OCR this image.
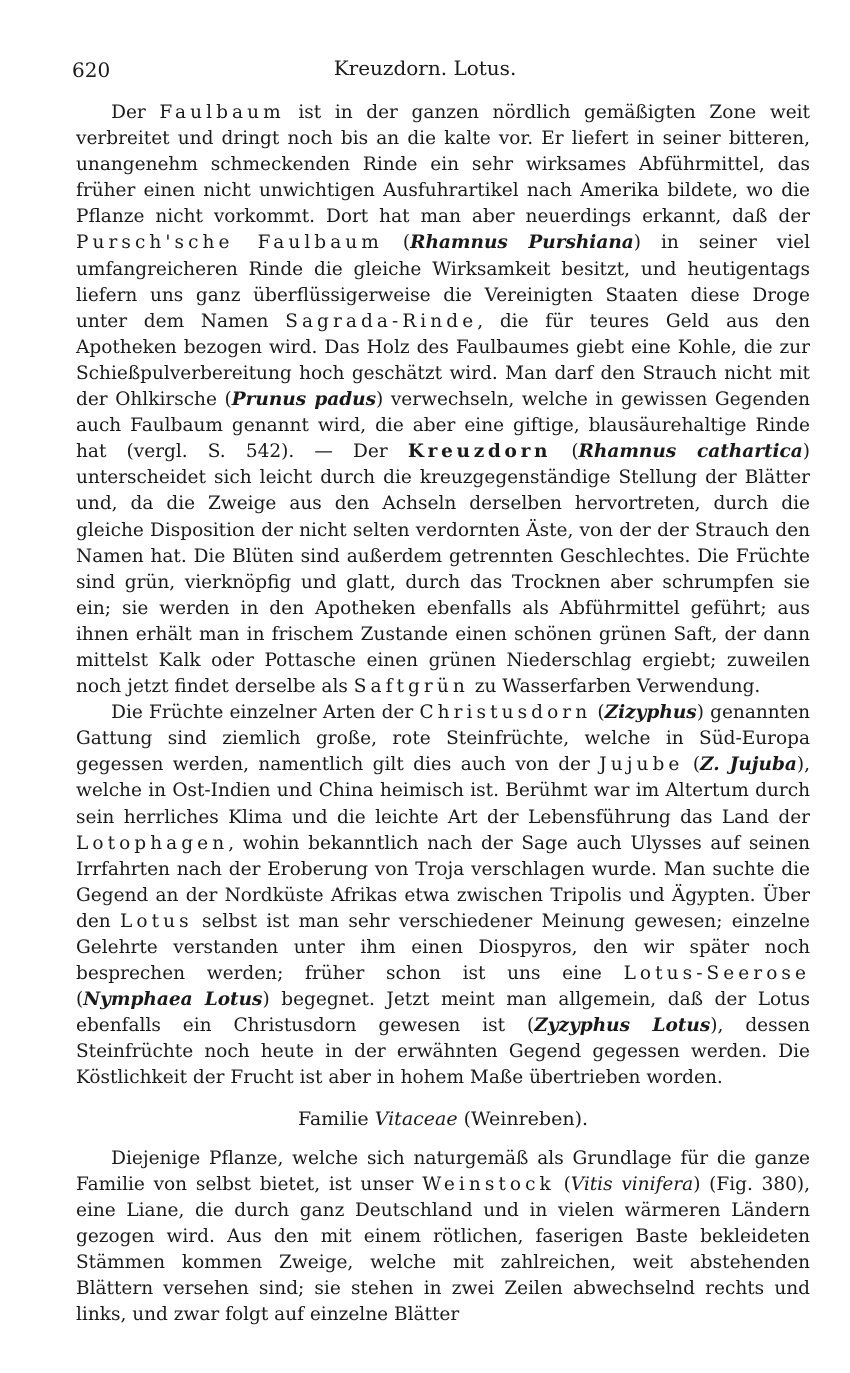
620	Kreuzdorn. Lotus.

Der Faulbaum ist in der ganzen nördlich gemäßigten Zone weit verbreitet und dringt noch bis an die kalte vor. Er liefert in seiner bitteren, unangenehm schmeckenden Rinde ein sehr wirksames Abführmittel, das früher einen nicht unwichtigen Ausfuhrartikel nach Amerika bildete, wo die Pflanze nicht vorkommt. Dort hat man aber neuerdings erkannt, daß der Pursch'sche Faulbaum (Rhamnus Purshiana) in seiner viel umfangreicheren Rinde die gleiche Wirksamkeit besitzt, und heutigentags liefern uns ganz überflüssigerweise die Vereinigten Staaten diese Droge unter dem Namen Sagrada-Rinde, die für teures Geld aus den Apotheken bezogen wird. Das Holz des Faulbaumes giebt eine Kohle, die zur Schießpulverbereitung hoch geschätzt wird. Man darf den Strauch nicht mit der Ohlkirsche (Prunus padus) verwechseln, welche in gewissen Gegenden auch Faulbaum genannt wird, die aber eine giftige, blausäurehaltige Rinde hat (vergl. S. 542). — Der Kreuzdorn (Rhamnus cathartica) unterscheidet sich leicht durch die kreuzgegenständige Stellung der Blätter und, da die Zweige aus den Achseln derselben hervortreten, durch die gleiche Disposition der nicht selten verdornten Äste, von der der Strauch den Namen hat. Die Blüten sind außerdem getrennten Geschlechtes. Die Früchte sind grün, vierknöpfig und glatt, durch das Trocknen aber schrumpfen sie ein; sie werden in den Apotheken ebenfalls als Abführmittel geführt; aus ihnen erhält man in frischem Zustande einen schönen grünen Saft, der dann mittelst Kalk oder Pottasche einen grünen Niederschlag ergiebt; zuweilen noch jetzt findet derselbe als Saftgrün zu Wasserfarben Verwendung.

Die Früchte einzelner Arten der Christusdorn (Zizyphus) genannten Gattung sind ziemlich große, rote Steinfrüchte, welche in Süd-Europa gegessen werden, namentlich gilt dies auch von der Jujube (Z. Jujuba), welche in Ost-Indien und China heimisch ist. Berühmt war im Altertum durch sein herrliches Klima und die leichte Art der Lebensführung das Land der Lotophagen, wohin bekanntlich nach der Sage auch Ulysses auf seinen Irrfahrten nach der Eroberung von Troja verschlagen wurde. Man suchte die Gegend an der Nordküste Afrikas etwa zwischen Tripolis und Ägypten. Über den Lotus selbst ist man sehr verschiedener Meinung gewesen; einzelne Gelehrte verstanden unter ihm einen Diospyros, den wir später noch besprechen werden; früher schon ist uns eine Lotus-Seerose (Nymphaea Lotus) begegnet. Jetzt meint man allgemein, daß der Lotus ebenfalls ein Christusdorn gewesen ist (Zyzyphus Lotus), dessen Steinfrüchte noch heute in der erwähnten Gegend gegessen werden. Die Köstlichkeit der Frucht ist aber in hohem Maße übertrieben worden.

Familie Vitaceae (Weinreben).

Diejenige Pflanze, welche sich naturgemäß als Grundlage für die ganze Familie von selbst bietet, ist unser Weinstock (Vitis vinifera) (Fig. 380), eine Liane, die durch ganz Deutschland und in vielen wärmeren Ländern gezogen wird. Aus den mit einem rötlichen, faserigen Baste bekleideten Stämmen kommen Zweige, welche mit zahlreichen, weit abstehenden Blättern versehen sind; sie stehen in zwei Zeilen abwechselnd rechts und links, und zwar folgt auf einzelne Blätter
